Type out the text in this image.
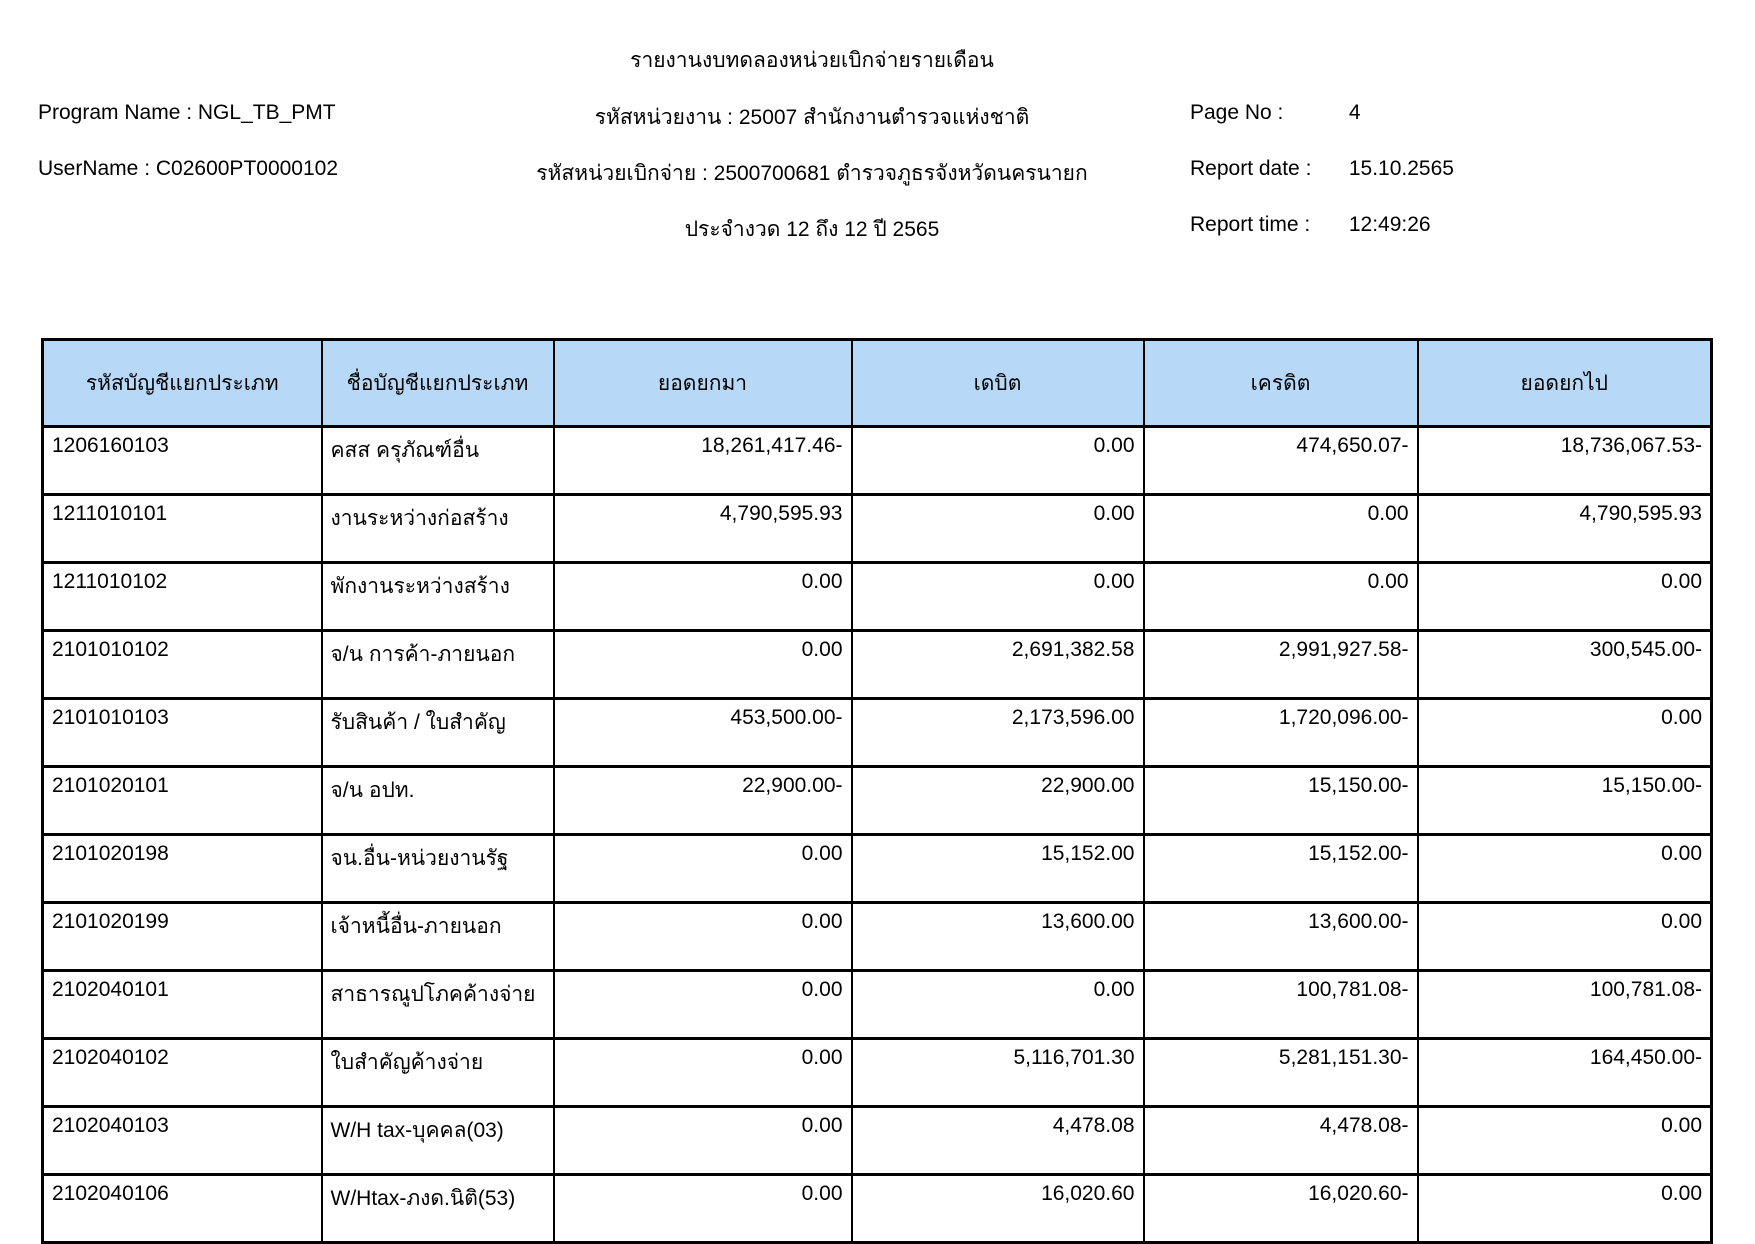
รายงานงบทดลองหน่วยเบิกจ่ายรายเดือน
Program Name : NGL_TB_PMT
UserName : C02600PT0000102
รหัสหน่วยงาน : 25007 สำนักงานตำรวจแห่งชาติ
รหัสหน่วยเบิกจ่าย : 2500700681 ตำรวจภูธรจังหวัดนครนายก
ประจำงวด 12 ถึง 12 ปี 2565
Page No :	4
Report date : 15.10.2565
Report time : 12:49:26
รหัสบัญชีแยกประเภท	ชื่อบัญชีแยกประเภท	ยอดยกมา	เดบิต	เครดิต	ยอดยกไป
1206160103	คสส ครุภัณฑ์อื่น	18,261,417.46-	0.00	474,650.07-	18,736,067.53-
1211010101	งานระหว่างก่อสร้าง	4,790,595.93	0.00	0.00	4,790,595.93
1211010102	พักงานระหว่างสร้าง	0.00	0.00	0.00	0.00
2101010102	จ/น การค้า-ภายนอก	0.00	2,691,382.58	2,991,927.58-	300,545.00-
2101010103	รับสินค้า / ใบสำคัญ	453,500.00-	2,173,596.00	1,720,096.00-	0.00
2101020101	จ/น อปท.	22,900.00-	22,900.00	15,150.00-	15,150.00-
2101020198	จน.อื่น-หน่วยงานรัฐ	0.00	15,152.00	15,152.00-	0.00
2101020199	เจ้าหนี้อื่น-ภายนอก	0.00	13,600.00	13,600.00-	0.00
2102040101	สาธารณูปโภคค้างจ่าย	0.00	0.00	100,781.08-	100,781.08-
2102040102	ใบสำคัญค้างจ่าย	0.00	5,116,701.30	5,281,151.30-	164,450.00-
2102040103	W/H tax-บุคคล(03)	0.00	4,478.08	4,478.08-	0.00
2102040106	W/Htax-ภงด.นิติ(53)	0.00	16,020.60	16,020.60-	0.00
